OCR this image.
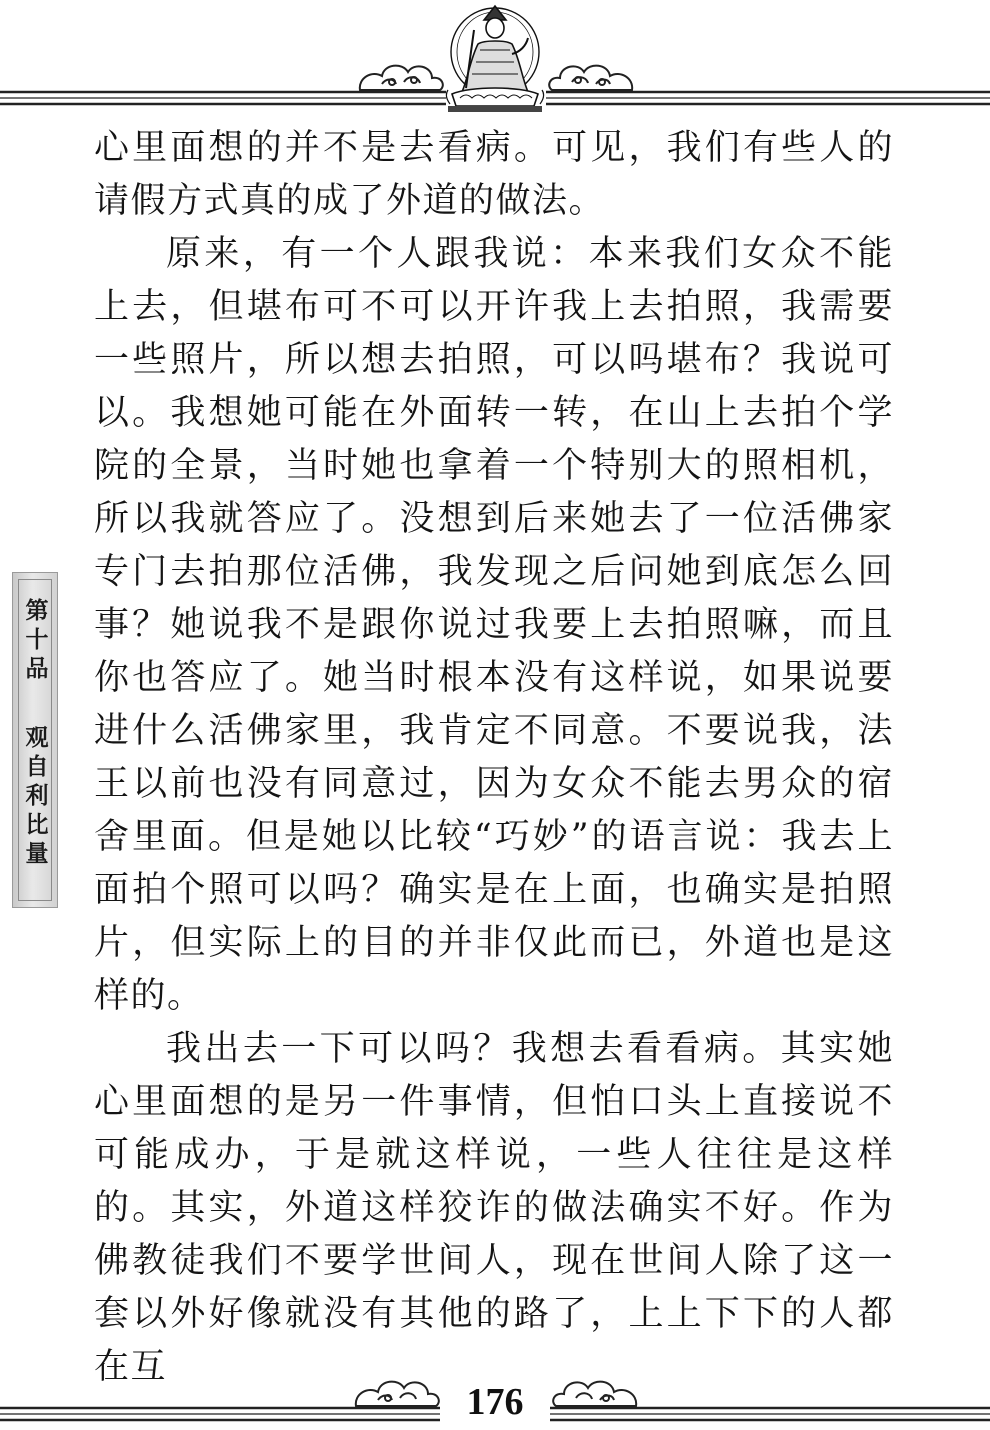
心里面想的并不是去看病。可见，我们有些人的请假方式真的成了外道的做法。

原来，有一个人跟我说：本来我们女众不能上去，但堪布可不可以开许我上去拍照，我需要一些照片，所以想去拍照，可以吗堪布？我说可以。我想她可能在外面转一转，在山上去拍个学院的全景，当时她也拿着一个特别大的照相机，所以我就答应了。没想到后来她去了一位活佛家专门去拍那位活佛，我发现之后问她到底怎么回事？她说我不是跟你说过我要上去拍照嘛，而且你也答应了。她当时根本没有这样说，如果说要进什么活佛家里，我肯定不同意。不要说我，法王以前也没有同意过，因为女众不能去男众的宿舍里面。但是她以比较“巧妙”的语言说：我去上面拍个照可以吗？确实是在上面，也确实是拍照片，但实际上的目的并非仅此而已，外道也是这样的。

我出去一下可以吗？我想去看看病。其实她心里面想的是另一件事情，但怕口头上直接说不可能成办，于是就这样说，一些人往往是这样的。其实，外道这样狡诈的做法确实不好。作为佛教徒我们不要学世间人，现在世间人除了这一套以外好像就没有其他的路了，上上下下的人都在互

第十品
观自利比量
176
